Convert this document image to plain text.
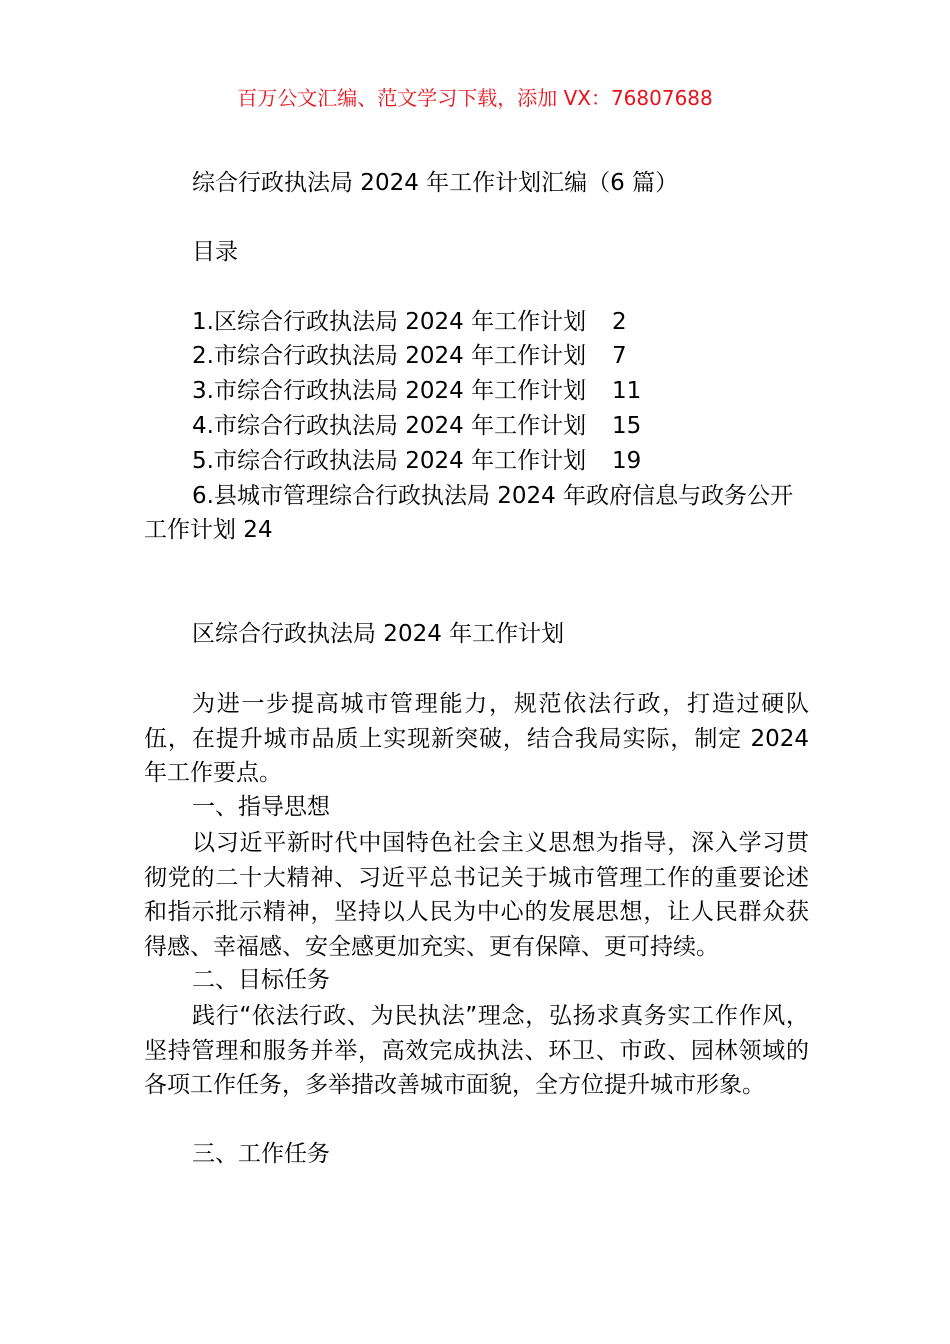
百万公文汇编、范文学习下载，添加 VX：76807688
综合行政执法局 2024 年工作计划汇编（6 篇）
目录
1.区综合行政执法局 2024 年工作计划 2
2.市综合行政执法局 2024 年工作计划 7
3.市综合行政执法局 2024 年工作计划 11
4.市综合行政执法局 2024 年工作计划 15
5.市综合行政执法局 2024 年工作计划 19
6.县城市管理综合行政执法局 2024 年政府信息与政务公开
工作计划 24
区综合行政执法局 2024 年工作计划
为进一步提高城市管理能力，规范依法行政，打造过硬队伍，在提升城市品质上实现新突破，结合我局实际，制定 2024 年工作要点。
一、指导思想
以习近平新时代中国特色社会主义思想为指导，深入学习贯彻党的二十大精神、习近平总书记关于城市管理工作的重要论述和指示批示精神，坚持以人民为中心的发展思想，让人民群众获得感、幸福感、安全感更加充实、更有保障、更可持续。
二、目标任务
践行“依法行政、为民执法”理念，弘扬求真务实工作作风，坚持管理和服务并举，高效完成执法、环卫、市政、园林领域的各项工作任务，多举措改善城市面貌，全方位提升城市形象。
三、工作任务
